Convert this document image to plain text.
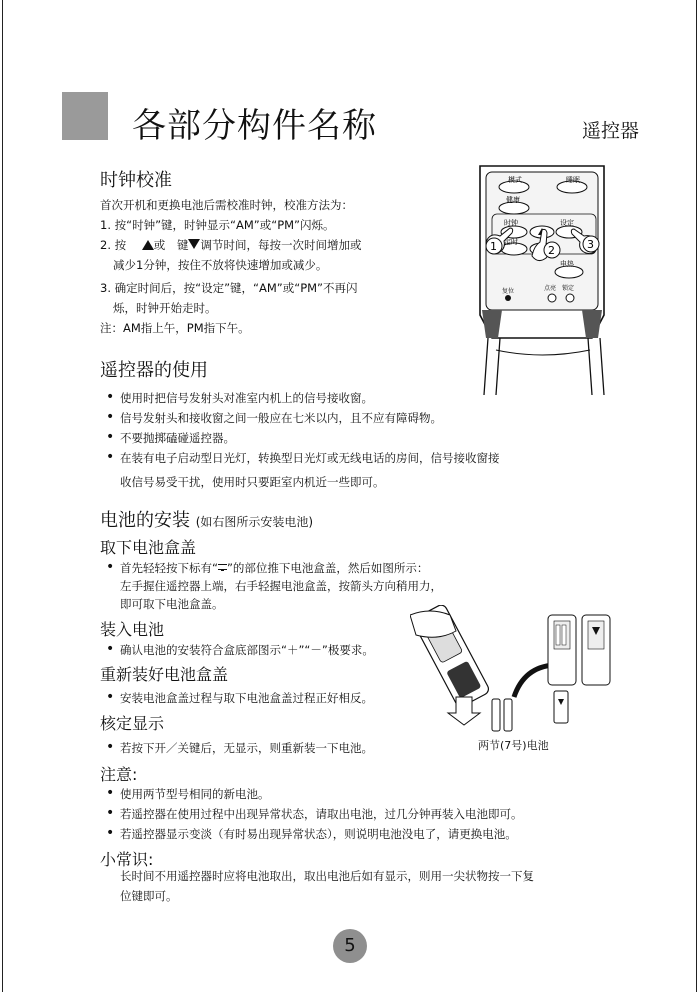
各部分构件名称	遥控器
时钟校准
首次开机和更换电池后需校准时钟，校准方法为：
1. 按“时钟”键，时钟显示“AM”或“PM”闪烁。
2. 按 或 键 调节时间，每按一次时间增加或
减少1分钟，按住不放将快速增加或减少。
3. 确定时间后，按“设定”键，“AM”或“PM”不再闪
烁，时钟开始走时。
注：AM指上午，PM指下午。
模式	睡眠
健康
时钟	设定
定时
电热
复位	点亮 锁定
1	2	3
遥控器的使用
• 使用时把信号发射头对准室内机上的信号接收窗。
• 信号发射头和接收窗之间一般应在七米以内，且不应有障碍物。
• 不要抛掷磕碰遥控器。
• 在装有电子启动型日光灯，转换型日光灯或无线电话的房间，信号接收窗接
收信号易受干扰，使用时只要距室内机近一些即可。
电池的安装 (如右图所示安装电池)
取下电池盒盖
• 首先轻轻按下标有“ ”的部位推下电池盒盖，然后如图所示：
左手握住遥控器上端，右手轻握电池盒盖，按箭头方向稍用力，
即可取下电池盒盖。
装入电池
• 确认电池的安装符合盒底部图示“＋”“－”极要求。
重新装好电池盒盖
• 安装电池盒盖过程与取下电池盒盖过程正好相反。
核定显示
• 若按下开／关键后，无显示，则重新装一下电池。	两节(7号)电池
注意:
• 使用两节型号相同的新电池。
• 若遥控器在使用过程中出现异常状态，请取出电池，过几分钟再装入电池即可。
• 若遥控器显示变淡（有时易出现异常状态），则说明电池没电了，请更换电池。
小常识:
长时间不用遥控器时应将电池取出，取出电池后如有显示，则用一尖状物按一下复
位键即可。
5
